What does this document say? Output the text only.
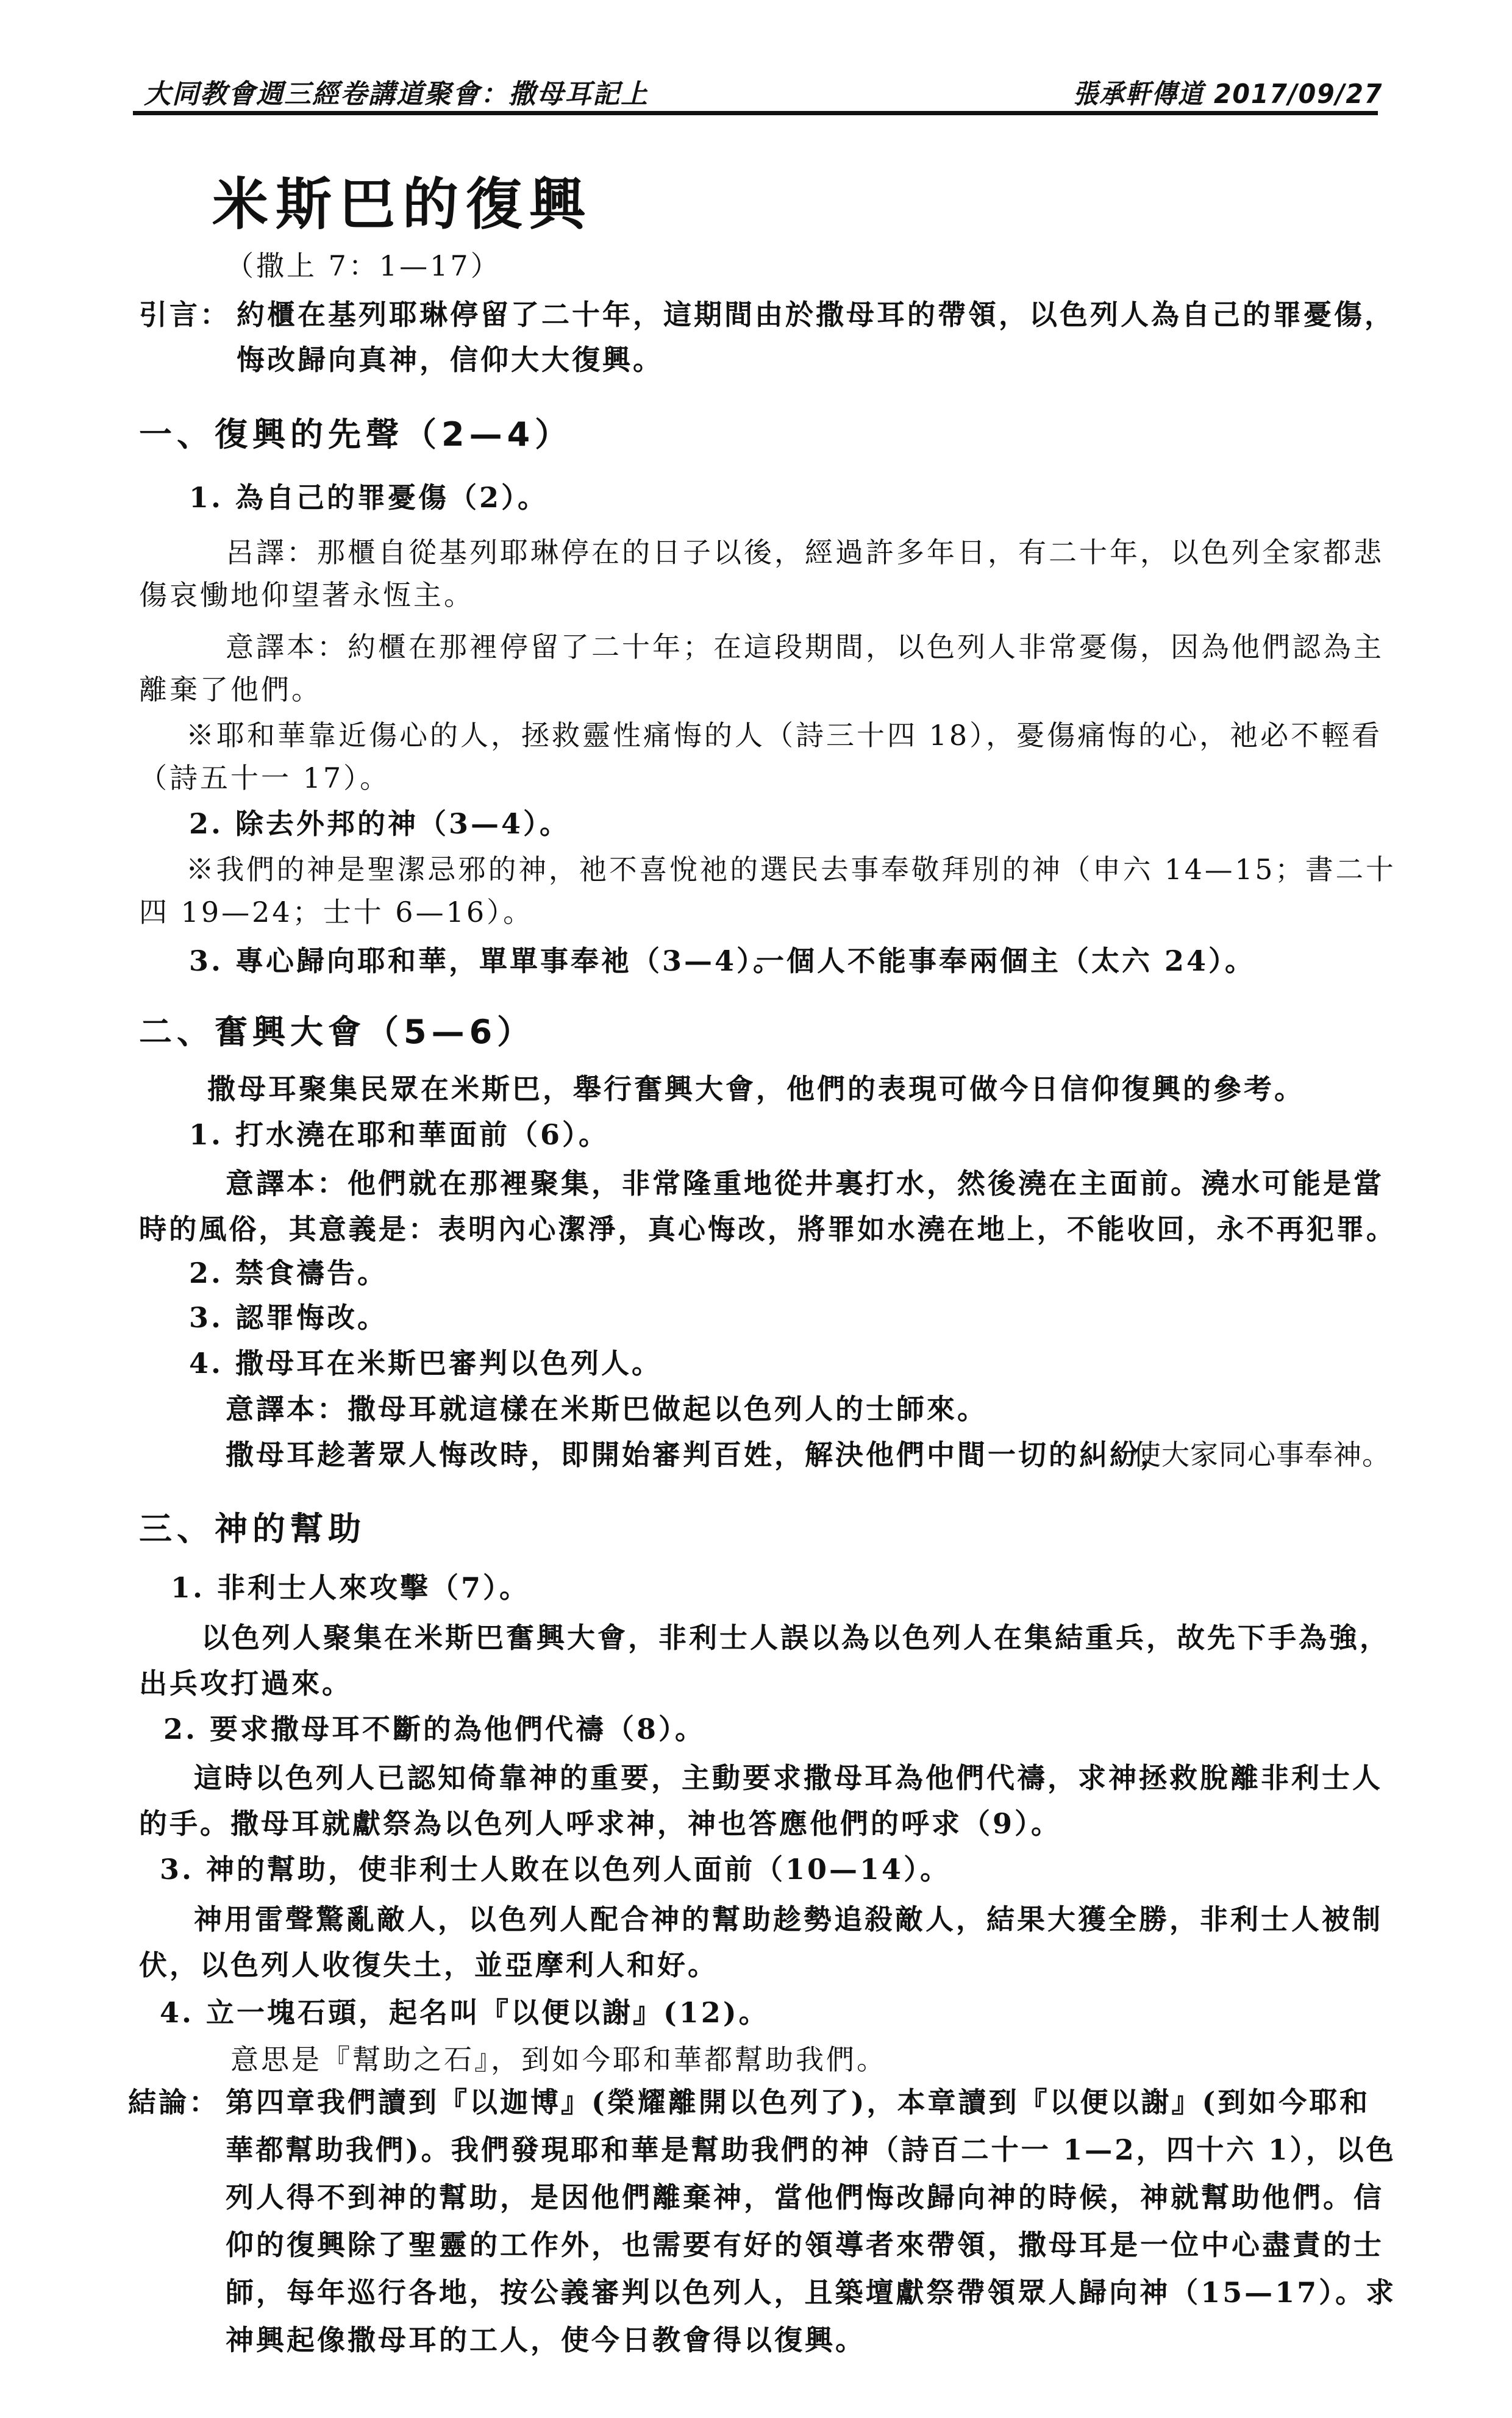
大同教會週三經卷講道聚會：撒母耳記上	張承軒傳道 2017/09/27
米斯巴的復興
（撒上 7：1—17）
引言： 約櫃在基列耶琳停留了二十年，這期間由於撒母耳的帶領，以色列人為自己的罪憂傷，
悔改歸向真神，信仰大大復興。
一、復興的先聲（2—4）
1. 為自己的罪憂傷（2）。
呂譯：那櫃自從基列耶琳停在的日子以後，經過許多年日，有二十年，以色列全家都悲
傷哀慟地仰望著永恆主。
意譯本：約櫃在那裡停留了二十年；在這段期間，以色列人非常憂傷，因為他們認為主
離棄了他們。
※耶和華靠近傷心的人，拯救靈性痛悔的人（詩三十四 18），憂傷痛悔的心，祂必不輕看
（詩五十一 17）。
2. 除去外邦的神（3—4）。
※我們的神是聖潔忌邪的神，祂不喜悅祂的選民去事奉敬拜別的神（申六 14—15；書二十
四 19—24；士十 6—16）。
3. 專心歸向耶和華，單單事奉祂（3—4）。
一個人不能事奉兩個主（太六 24）。
二、奮興大會（5—6）
撒母耳聚集民眾在米斯巴，舉行奮興大會，他們的表現可做今日信仰復興的參考。
1. 打水澆在耶和華面前（6）。
意譯本：他們就在那裡聚集，非常隆重地從井裏打水，然後澆在主面前。澆水可能是當
時的風俗，其意義是：表明內心潔淨，真心悔改，將罪如水澆在地上，不能收回，永不再犯罪。
2. 禁食禱告。
3. 認罪悔改。
4. 撒母耳在米斯巴審判以色列人。
意譯本：撒母耳就這樣在米斯巴做起以色列人的士師來。
撒母耳趁著眾人悔改時，即開始審判百姓，解決他們中間一切的糾紛，
使大家同心事奉神。
三、神的幫助
1. 非利士人來攻擊（7）。
以色列人聚集在米斯巴奮興大會，非利士人誤以為以色列人在集結重兵，故先下手為強，
出兵攻打過來。
2. 要求撒母耳不斷的為他們代禱（8）。
這時以色列人已認知倚靠神的重要，主動要求撒母耳為他們代禱，求神拯救脫離非利士人
的手。撒母耳就獻祭為以色列人呼求神，神也答應他們的呼求（9）。
3. 神的幫助，使非利士人敗在以色列人面前（10—14）。
神用雷聲驚亂敵人，以色列人配合神的幫助趁勢追殺敵人，結果大獲全勝，非利士人被制
伏，以色列人收復失土，並亞摩利人和好。
4. 立一塊石頭，起名叫『以便以謝』(12)。
意思是『幫助之石』，到如今耶和華都幫助我們。
結論： 第四章我們讀到『以迦博』(榮耀離開以色列了)，本章讀到『以便以謝』(到如今耶和
華都幫助我們)。我們發現耶和華是幫助我們的神（詩百二十一 1—2，四十六 1），以色
列人得不到神的幫助，是因他們離棄神，當他們悔改歸向神的時候，神就幫助他們。信
仰的復興除了聖靈的工作外，也需要有好的領導者來帶領，撒母耳是一位中心盡責的士
師，每年巡行各地，按公義審判以色列人，且築壇獻祭帶領眾人歸向神（15—17）。求
神興起像撒母耳的工人，使今日教會得以復興。
